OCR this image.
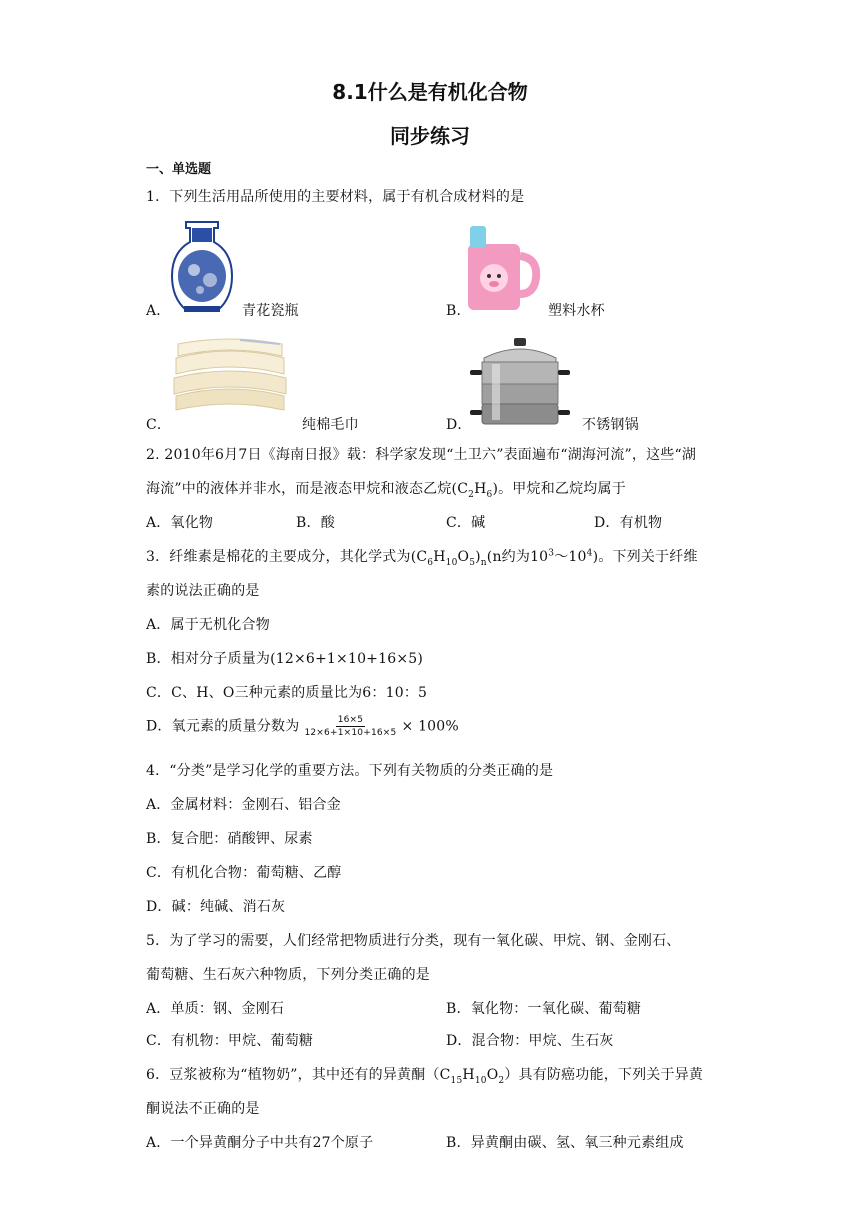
8.1什么是有机化合物
同步练习
一、单选题
1．下列生活用品所使用的主要材料，属于有机合成材料的是
A．	青花瓷瓶	B．	塑料水杯
C．	纯棉毛巾	D．	不锈钢锅
2. 2010年6月7日《海南日报》载：科学家发现“土卫六”表面遍布“湖海河流”，这些“湖
海流”中的液体并非水，而是液态甲烷和液态乙烷$(C_2H_6)$。甲烷和乙烷均属于
A．氧化物	B．酸	C．碱	D．有机物
3．纤维素是棉花的主要成分，其化学式为$(C_6H_{10}O_5)_n(n$约为$10^3\sim 10^4$)。下列关于纤维
素的说法正确的是
A．属于无机化合物
B．相对分子质量为(12×6+1×10+16×5)
C．C、H、O三种元素的质量比为6：10：5
D．氧元素的质量分数为 $\frac{16\times 5}{12\times 6+1\times 10+16\times 5} \times 100\%$
4．“分类”是学习化学的重要方法。下列有关物质的分类正确的是
A．金属材料：金刚石、铝合金
B．复合肥：硝酸钾、尿素
C．有机化合物：葡萄糖、乙醇
D．碱：纯碱、消石灰
5．为了学习的需要，人们经常把物质进行分类，现有一氧化碳、甲烷、钢、金刚石、
葡萄糖、生石灰六种物质，下列分类正确的是
A．单质：钢、金刚石	B．氧化物：一氧化碳、葡萄糖
C．有机物：甲烷、葡萄糖	D．混合物：甲烷、生石灰
6．豆浆被称为“植物奶”，其中还有的异黄酮$(C_{15}H_{10}O_2)$具有防癌功能，下列关于异黄
酮说法不正确的是
A．一个异黄酮分子中共有27个原子	B．异黄酮由碳、氢、氧三种元素组成
